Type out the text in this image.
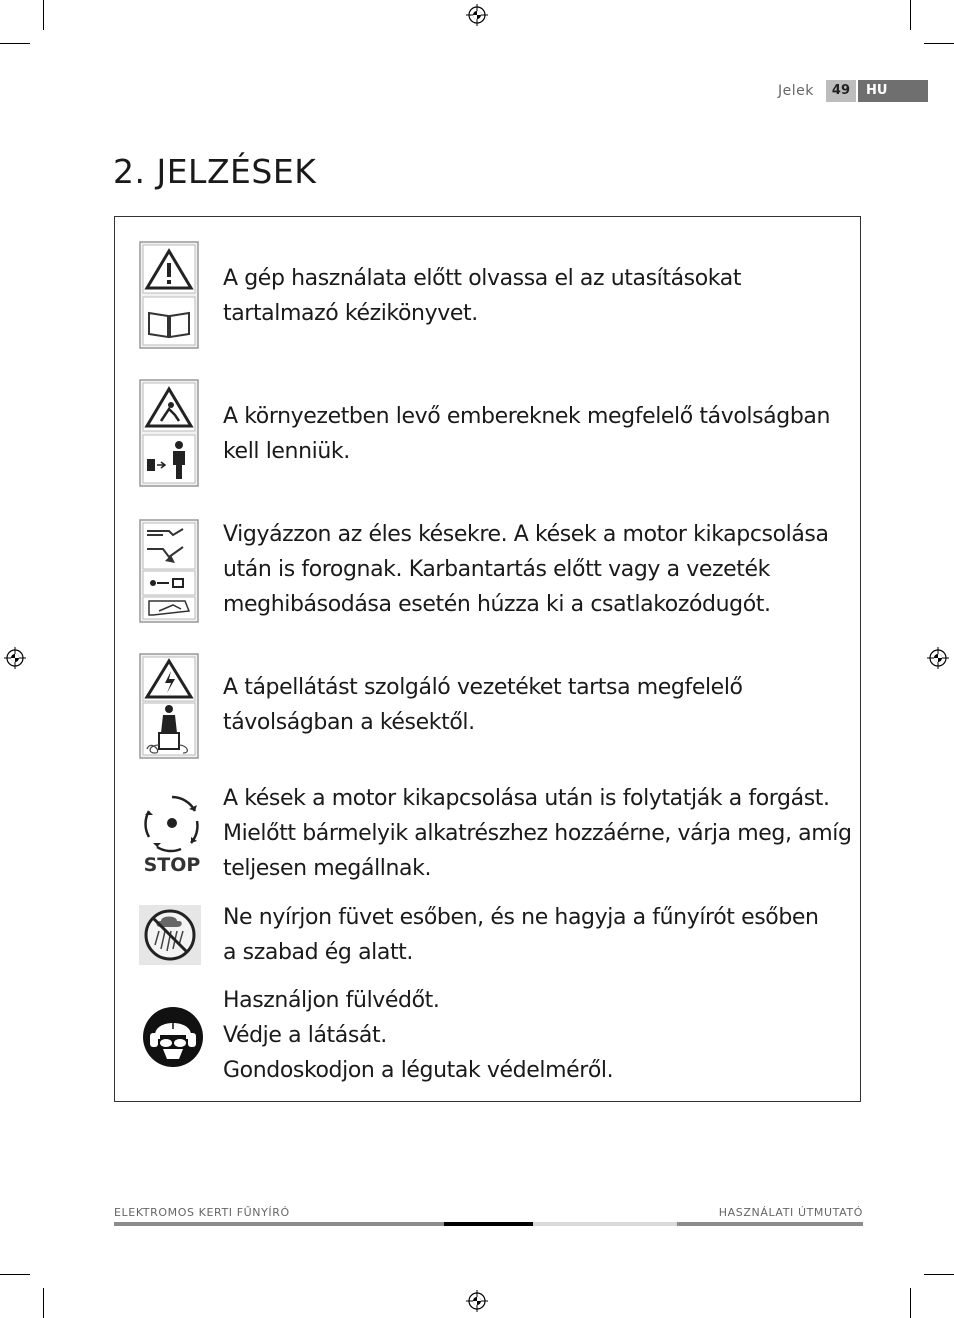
Jelek	49	HU
2. JELZÉSEK
A gép használata előtt olvassa el az utasításokat
tartalmazó kézikönyvet.
A környezetben levő embereknek megfelelő távolságban
kell lenniük.
Vigyázzon az éles késekre. A kések a motor kikapcsolása
után is forognak. Karbantartás előtt vagy a vezeték
meghibásodása esetén húzza ki a csatlakozódugót.
A tápellátást szolgáló vezetéket tartsa megfelelő
távolságban a késektől.
STOP
A kések a motor kikapcsolása után is folytatják a forgást.
Mielőtt bármelyik alkatrészhez hozzáérne, várja meg, amíg
teljesen megállnak.
Ne nyírjon füvet esőben, és ne hagyja a fűnyírót esőben
a szabad ég alatt.
Használjon fülvédőt.
Védje a látását.
Gondoskodjon a légutak védelméről.
ELEKTROMOS KERTI FŰNYÍRÓ	HASZNÁLATI ÚTMUTATÓ
